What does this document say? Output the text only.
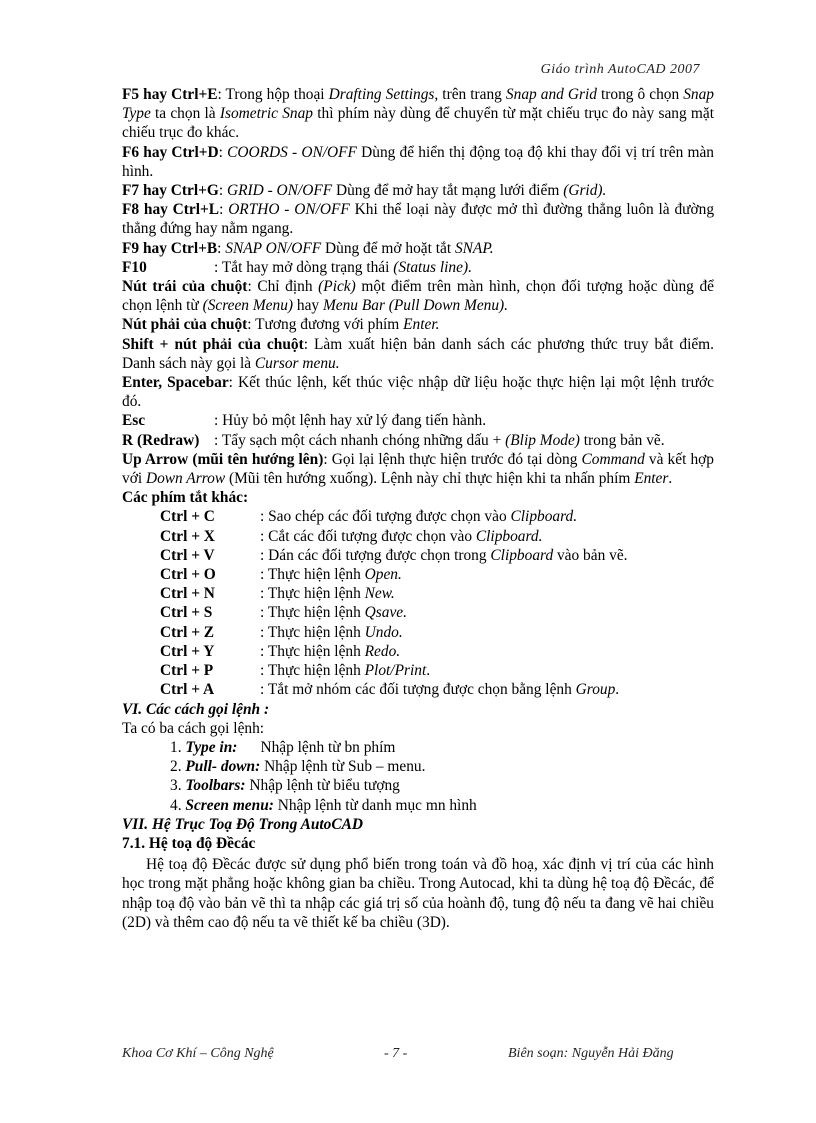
Giáo trình AutoCAD 2007

F5 hay Ctrl+E: Trong hộp thoại Drafting Settings, trên trang Snap and Grid trong ô chọn Snap Type ta chọn là Isometric Snap thì phím này dùng để chuyển từ mặt chiếu trục đo này sang mặt chiếu trục đo khác.

F6 hay Ctrl+D: COORDS - ON/OFF Dùng để hiển thị động toạ độ khi thay đổi vị trí trên màn hình.

F7 hay Ctrl+G: GRID - ON/OFF Dùng để mở hay tắt mạng lưới điểm (Grid).

F8 hay Ctrl+L: ORTHO - ON/OFF Khi thể loại này được mở thì đường thẳng luôn là đường thẳng đứng hay nằm ngang.

F9 hay Ctrl+B: SNAP ON/OFF Dùng để mở hoặt tắt SNAP.

F10	: Tắt hay mở dòng trạng thái (Status line).

Nút trái của chuột: Chỉ định (Pick) một điểm trên màn hình, chọn đối tượng hoặc dùng để chọn lệnh từ (Screen Menu) hay Menu Bar (Pull Down Menu).

Nút phải của chuột: Tương đương với phím Enter.

Shift + nút phải của chuột: Làm xuất hiện bản danh sách các phương thức truy bắt điểm. Danh sách này gọi là Cursor menu.

Enter, Spacebar: Kết thúc lệnh, kết thúc việc nhập dữ liệu hoặc thực hiện lại một lệnh trước đó.

Esc	: Hủy bỏ một lệnh hay xử lý đang tiến hành.
R (Redraw) : Tẩy sạch một cách nhanh chóng những dấu + (Blip Mode) trong bản vẽ.

Up Arrow (mũi tên hướng lên): Gọi lại lệnh thực hiện trước đó tại dòng Command và kết hợp với Down Arrow (Mũi tên hướng xuống). Lệnh này chỉ thực hiện khi ta nhấn phím Enter.

Các phím tắt khác:

Ctrl + C	: Sao chép các đối tượng được chọn vào Clipboard.
Ctrl + X	: Cắt các đối tượng được chọn vào Clipboard.
Ctrl + V	: Dán các đối tượng được chọn trong Clipboard vào bản vẽ.
Ctrl + O	: Thực hiện lệnh Open.
Ctrl + N	: Thực hiện lệnh New.
Ctrl + S	: Thực hiện lệnh Qsave.
Ctrl + Z	: Thực hiện lệnh Undo.
Ctrl + Y	: Thực hiện lệnh Redo.
Ctrl + P	: Thực hiện lệnh Plot/Print.
Ctrl + A	: Tắt mở nhóm các đối tượng được chọn bằng lệnh Group.

VI. Các cách gọi lệnh :

Ta có ba cách gọi lệnh:

1. Type in:      Nhập lệnh từ bn phím
2. Pull- down: Nhập lệnh từ Sub – menu.
3. Toolbars: Nhập lệnh từ biểu tượng
4. Screen menu: Nhập lệnh từ danh mục mn hình

VII. Hệ Trục Toạ Độ Trong AutoCAD

7.1. Hệ toạ độ Đềcác

Hệ toạ độ Đềcác được sử dụng phổ biến trong toán và đồ hoạ, xác định vị trí của các hình học trong mặt phẳng hoặc không gian ba chiều. Trong Autocad, khi ta dùng hệ toạ độ Đềcác, để nhập toạ độ vào bản vẽ thì ta nhập các giá trị số của hoành độ, tung độ nếu ta đang vẽ hai chiều (2D) và thêm cao độ nếu ta vẽ thiết kế ba chiều (3D).

Khoa Cơ Khí – Công Nghệ	- 7 -	Biên soạn: Nguyễn Hải Đăng
